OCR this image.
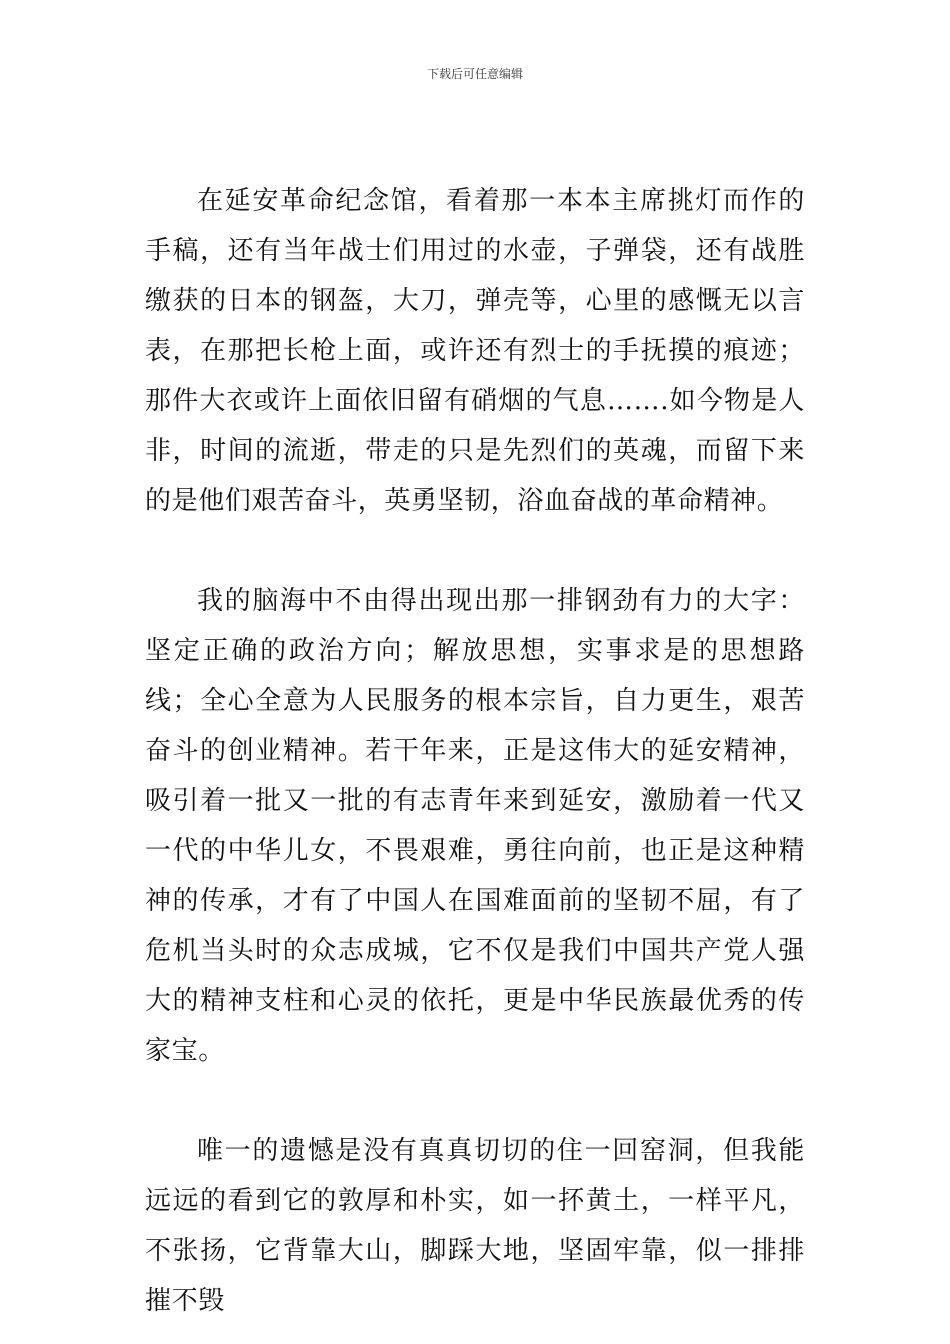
下载后可任意编辑

在延安革命纪念馆，看着那一本本主席挑灯而作的手稿，还有当年战士们用过的水壶，子弹袋，还有战胜缴获的日本的钢盔，大刀，弹壳等，心里的感慨无以言表，在那把长枪上面，或许还有烈士的手抚摸的痕迹；那件大衣或许上面依旧留有硝烟的气息…….如今物是人非，时间的流逝，带走的只是先烈们的英魂，而留下来的是他们艰苦奋斗，英勇坚韧，浴血奋战的革命精神。

我的脑海中不由得出现出那一排钢劲有力的大字：坚定正确的政治方向；解放思想，实事求是的思想路线；全心全意为人民服务的根本宗旨，自力更生，艰苦奋斗的创业精神。若干年来，正是这伟大的延安精神，吸引着一批又一批的有志青年来到延安，激励着一代又一代的中华儿女，不畏艰难，勇往向前，也正是这种精神的传承，才有了中国人在国难面前的坚韧不屈，有了危机当头时的众志成城，它不仅是我们中国共产党人强大的精神支柱和心灵的依托，更是中华民族最优秀的传家宝。

唯一的遗憾是没有真真切切的住一回窑洞，但我能远远的看到它的敦厚和朴实，如一抔黄土，一样平凡，不张扬，它背靠大山，脚踩大地，坚固牢靠，似一排排摧不毁
